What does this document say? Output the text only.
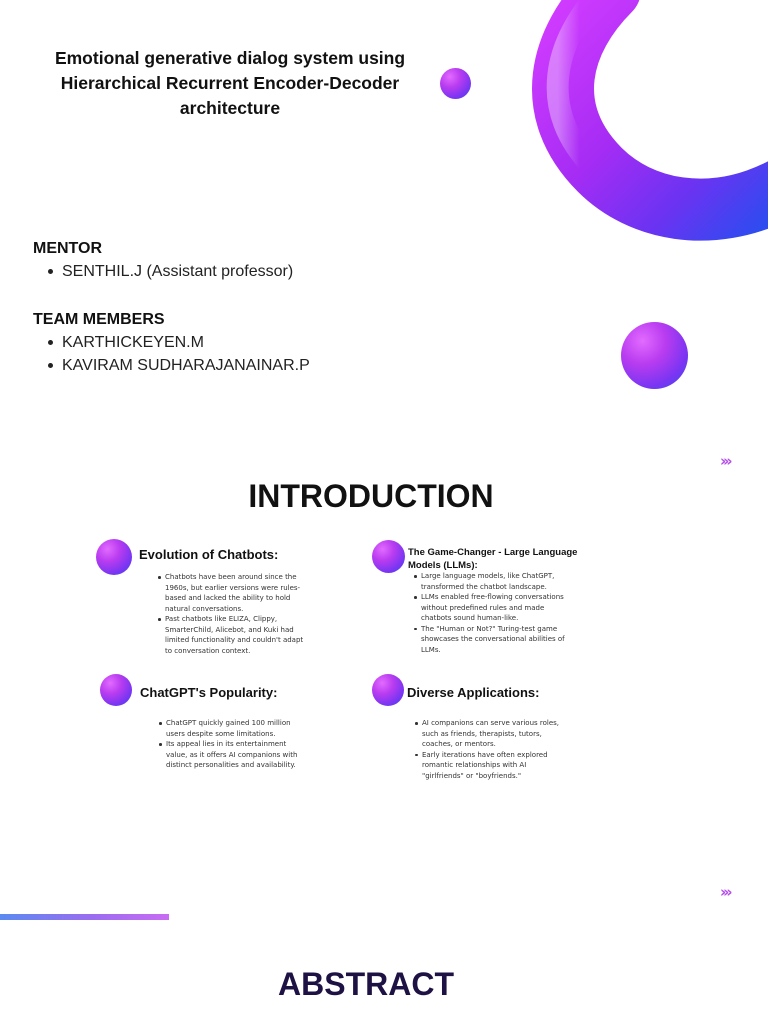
Emotional generative dialog system using
Hierarchical Recurrent Encoder-Decoder
architecture
MENTOR
SENTHIL.J (Assistant professor)
TEAM MEMBERS
KARTHICKEYEN.M
KAVIRAM SUDHARAJANAINAR.P
›››
INTRODUCTION
Evolution of Chatbots:
Chatbots have been around since the 1960s, but earlier versions were rules-based and lacked the ability to hold natural conversations.
Past chatbots like ELIZA, Clippy, SmarterChild, Alicebot, and Kuki had limited functionality and couldn't adapt to conversation context.
The Game-Changer - Large Language Models (LLMs):
Large language models, like ChatGPT, transformed the chatbot landscape.
LLMs enabled free-flowing conversations without predefined rules and made chatbots sound human-like.
The "Human or Not?" Turing-test game showcases the conversational abilities of LLMs.
ChatGPT's Popularity:
ChatGPT quickly gained 100 million users despite some limitations.
Its appeal lies in its entertainment value, as it offers AI companions with distinct personalities and availability.
Diverse Applications:
AI companions can serve various roles, such as friends, therapists, tutors, coaches, or mentors.
Early iterations have often explored romantic relationships with AI "girlfriends" or "boyfriends."
›››
ABSTRACT
